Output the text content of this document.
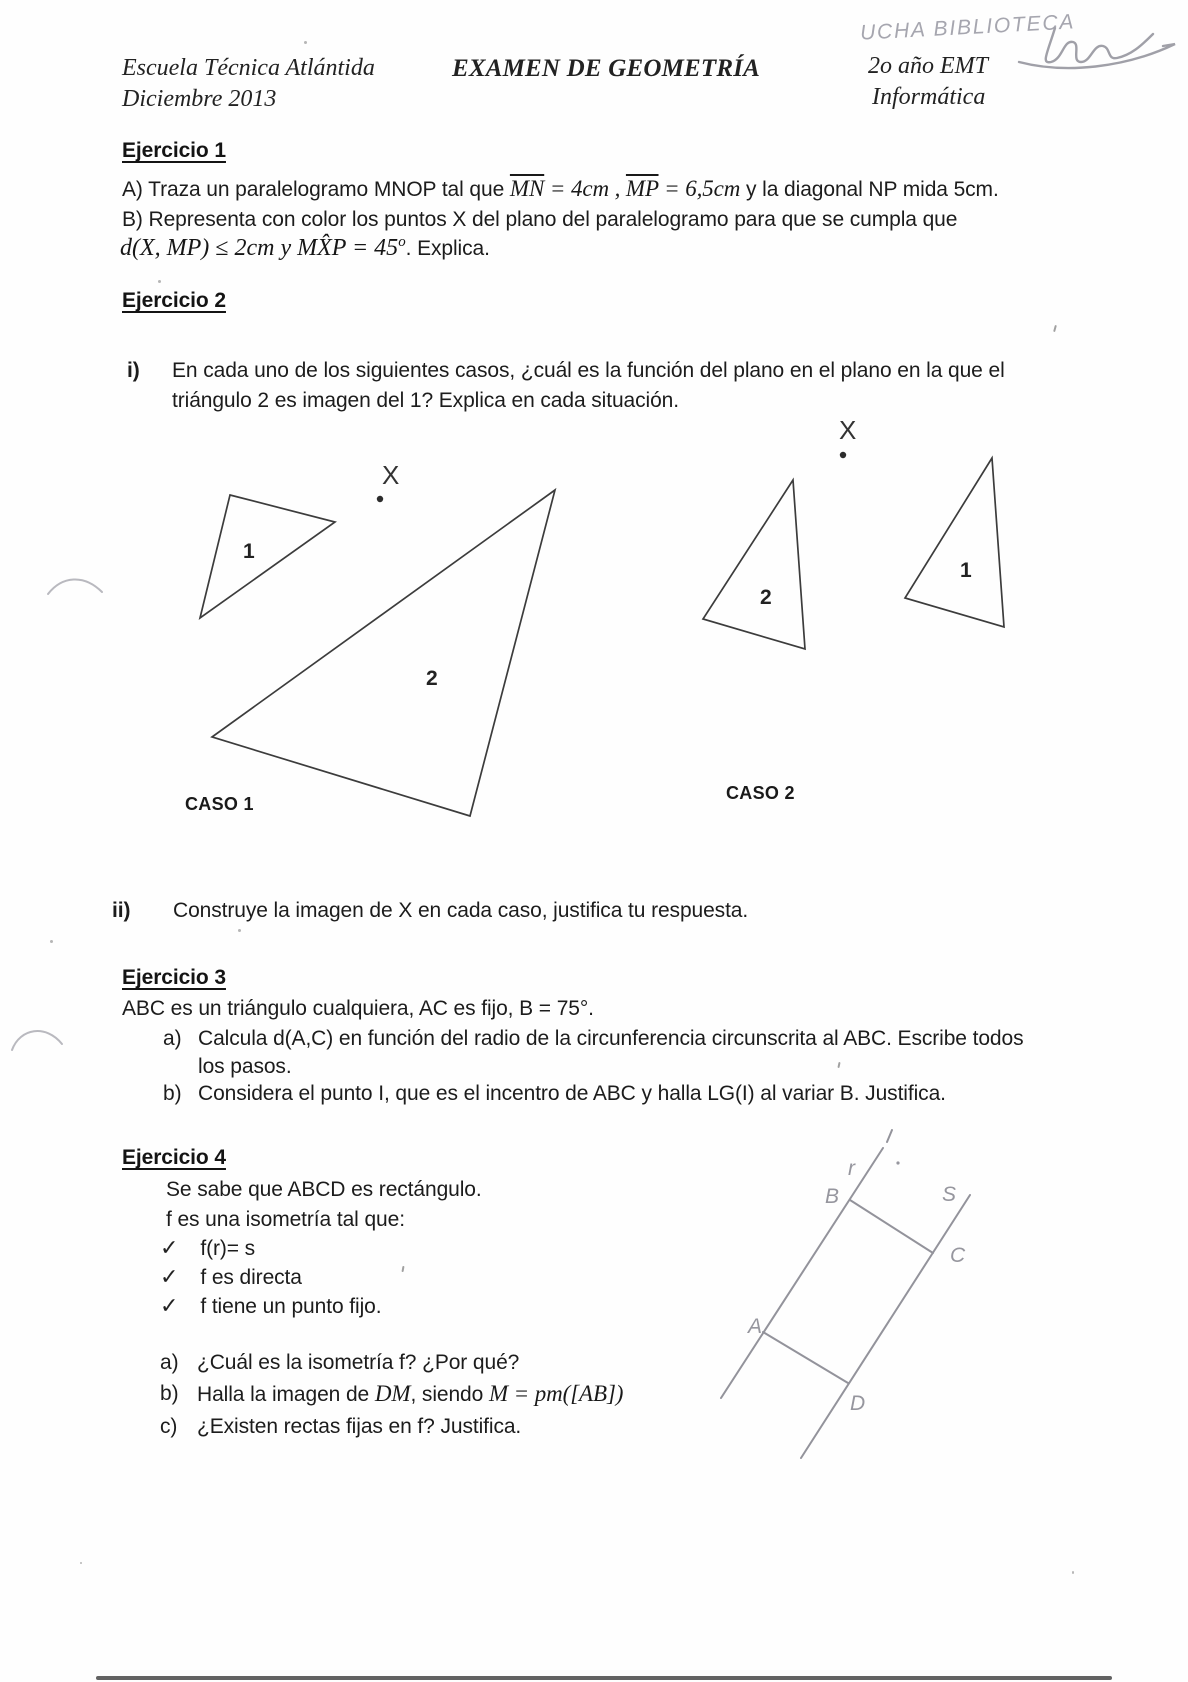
Escuela Técnica Atlántida
Diciembre 2013
EXAMEN DE GEOMETRÍA	2o año EMT
Informática
UCHA BIBLIOTECA
Ejercicio 1
A) Traza un paralelogramo MNOP tal que $\overline{MN} = 4cm$ , $\overline{MP} = 6,5cm$ y la diagonal NP mida 5cm.
B) Representa con color los puntos X del plano del paralelogramo para que se cumpla que
d(X, MP) ≤ 2cm y MX̂P = $45^o$. Explica.
Ejercicio 2
i) En cada uno de los siguientes casos, ¿cuál es la función del plano en el plano en la que el
triángulo 2 es imagen del 1? Explica en cada situación.
1
X
2
CASO 1
X
2
1
CASO 2
ii) Construye la imagen de X en cada caso, justifica tu respuesta.
Ejercicio 3
ABC es un triángulo cualquiera, AC es fijo, B = 75°.
a) Calcula d(A,C) en función del radio de la circunferencia circunscrita al ABC. Escribe todos
los pasos.
b) Considera el punto I, que es el incentro de ABC y halla LG(I) al variar B. Justifica.
Ejercicio 4
Se sabe que ABCD es rectángulo.
f es una isometría tal que:
✓ f(r)= s
✓ f es directa
✓ f tiene un punto fijo.
a) ¿Cuál es la isometría f? ¿Por qué?
b) Halla la imagen de DM, siendo M = pm([AB])
c) ¿Existen rectas fijas en f? Justifica.
r
S
B
C
A
D
